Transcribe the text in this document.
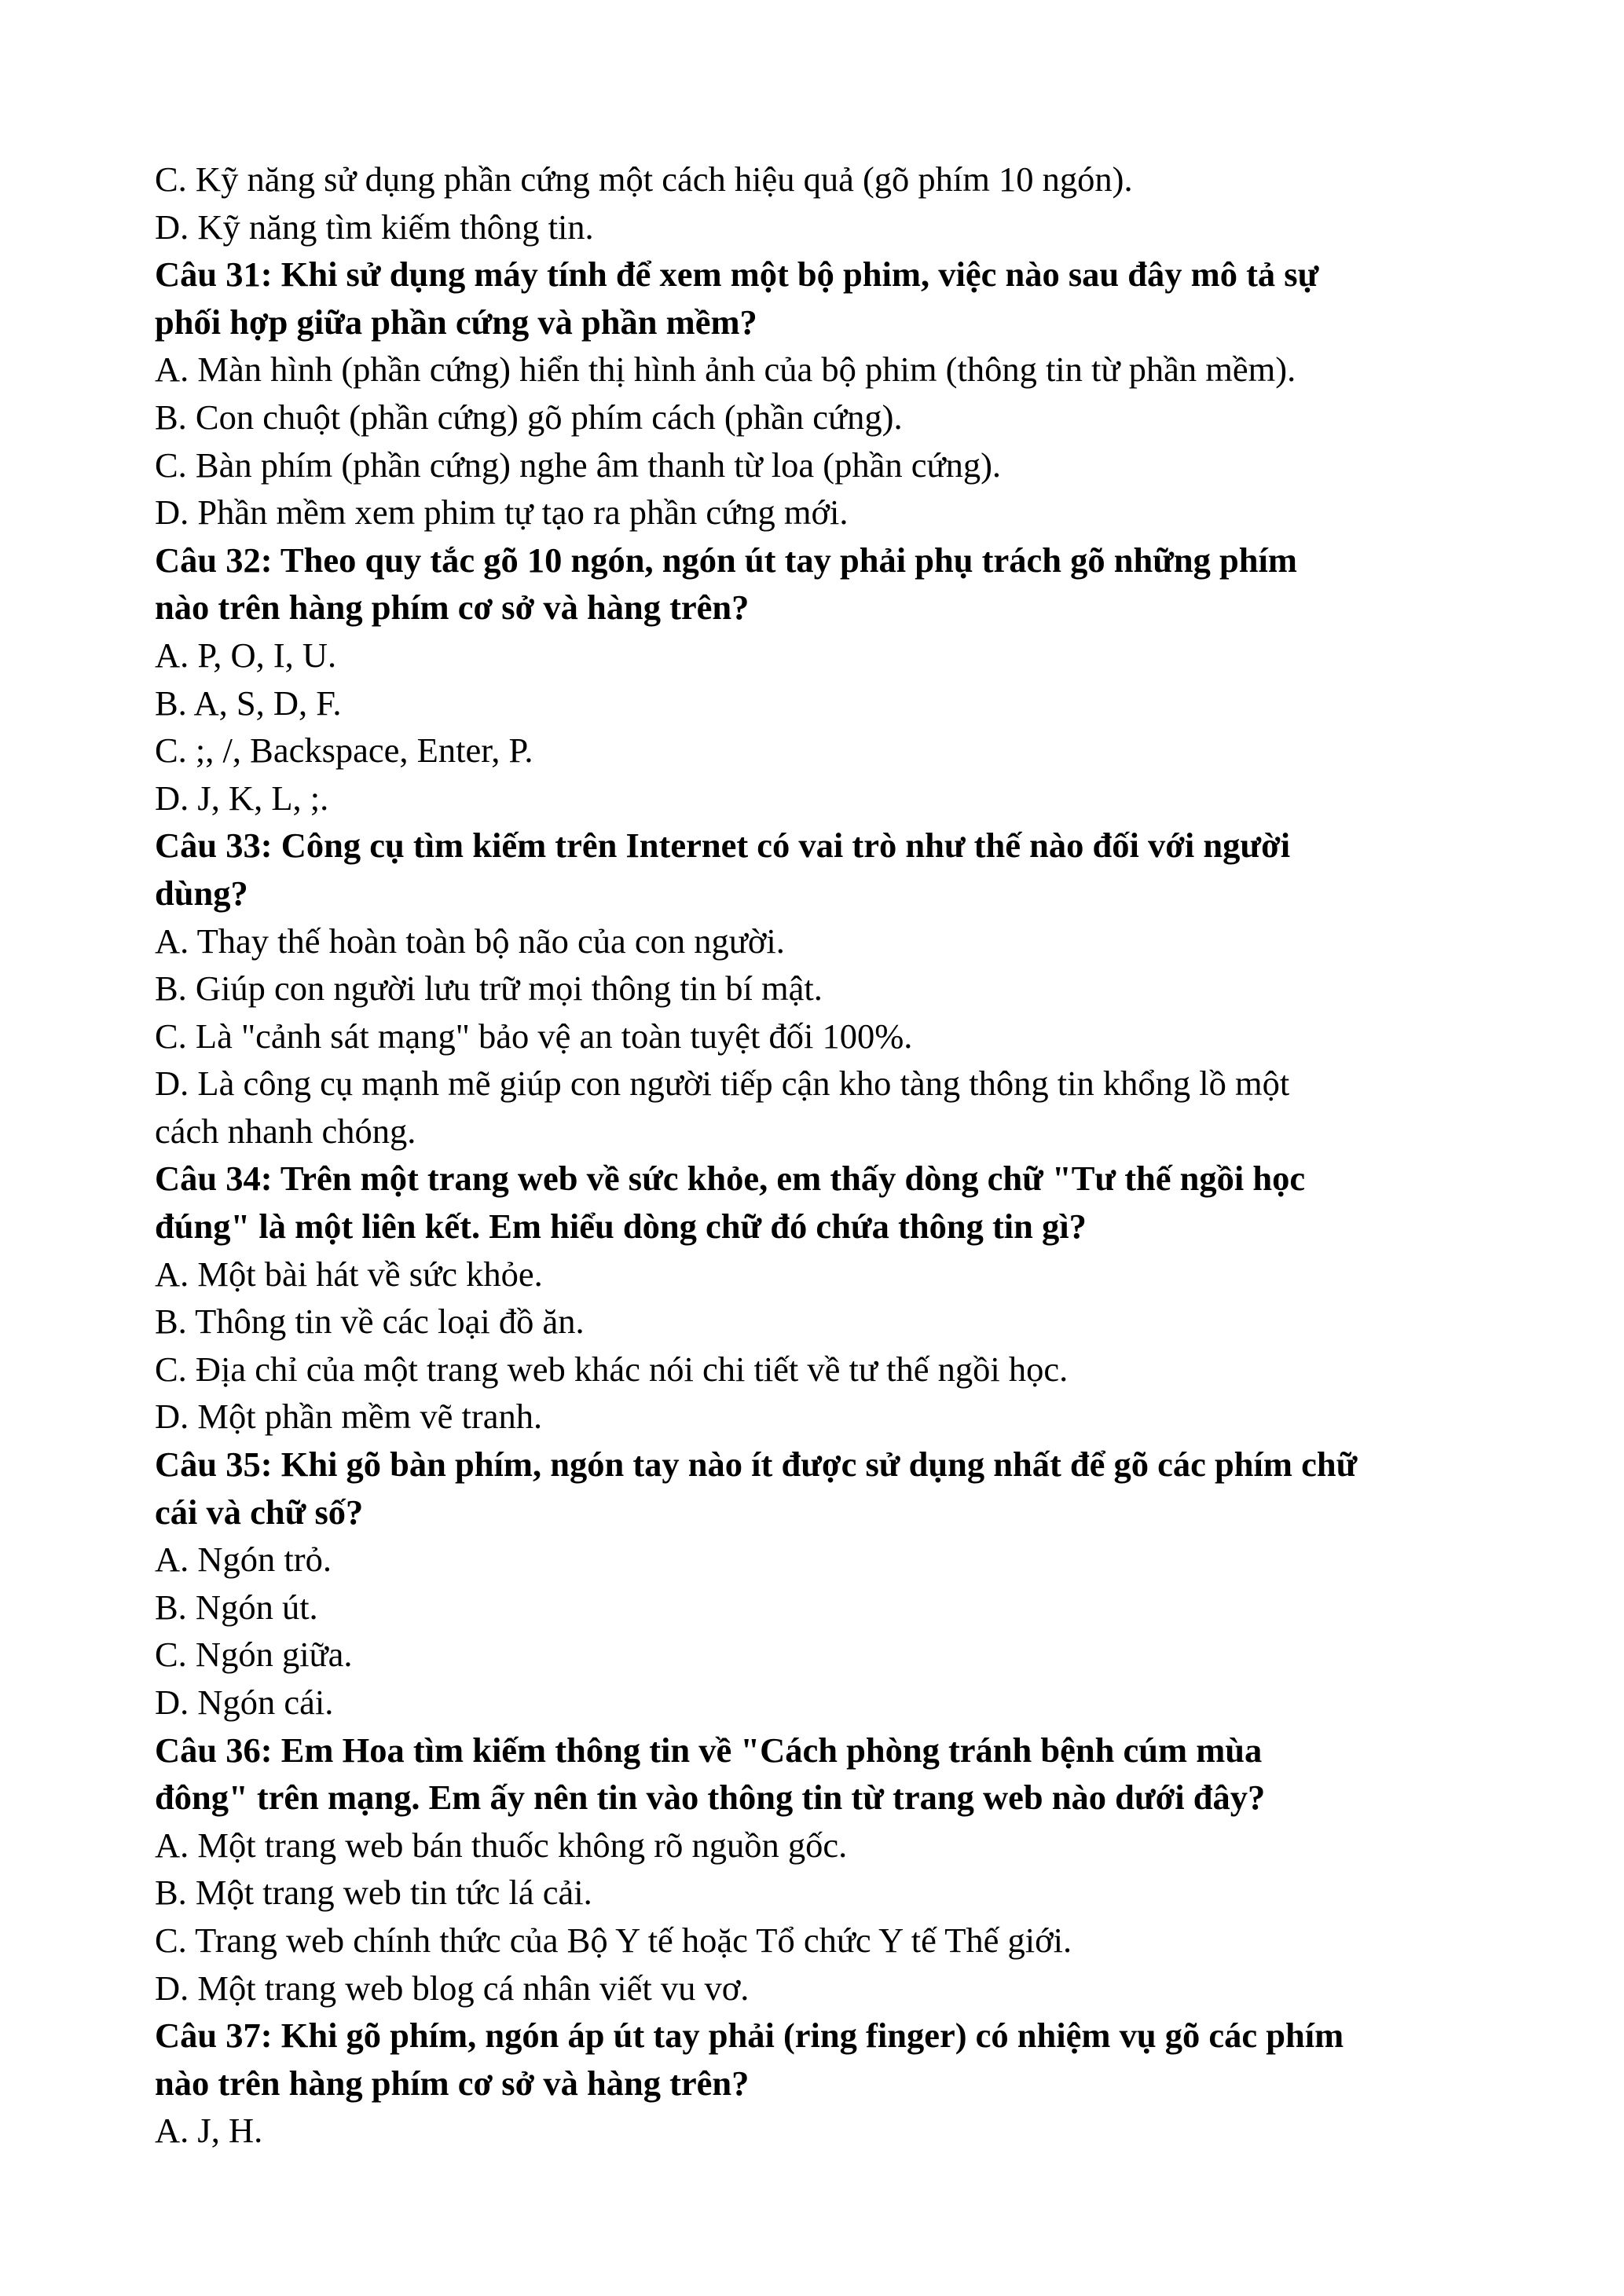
C. Kỹ năng sử dụng phần cứng một cách hiệu quả (gõ phím 10 ngón).
D. Kỹ năng tìm kiếm thông tin.
Câu 31: Khi sử dụng máy tính để xem một bộ phim, việc nào sau đây mô tả sự
phối hợp giữa phần cứng và phần mềm?
A. Màn hình (phần cứng) hiển thị hình ảnh của bộ phim (thông tin từ phần mềm).
B. Con chuột (phần cứng) gõ phím cách (phần cứng).
C. Bàn phím (phần cứng) nghe âm thanh từ loa (phần cứng).
D. Phần mềm xem phim tự tạo ra phần cứng mới.
Câu 32: Theo quy tắc gõ 10 ngón, ngón út tay phải phụ trách gõ những phím
nào trên hàng phím cơ sở và hàng trên?
A. P, O, I, U.
B. A, S, D, F.
C. ;, /, Backspace, Enter, P.
D. J, K, L, ;.
Câu 33: Công cụ tìm kiếm trên Internet có vai trò như thế nào đối với người
dùng?
A. Thay thế hoàn toàn bộ não của con người.
B. Giúp con người lưu trữ mọi thông tin bí mật.
C. Là "cảnh sát mạng" bảo vệ an toàn tuyệt đối 100%.
D. Là công cụ mạnh mẽ giúp con người tiếp cận kho tàng thông tin khổng lồ một
cách nhanh chóng.
Câu 34: Trên một trang web về sức khỏe, em thấy dòng chữ "Tư thế ngồi học
đúng" là một liên kết. Em hiểu dòng chữ đó chứa thông tin gì?
A. Một bài hát về sức khỏe.
B. Thông tin về các loại đồ ăn.
C. Địa chỉ của một trang web khác nói chi tiết về tư thế ngồi học.
D. Một phần mềm vẽ tranh.
Câu 35: Khi gõ bàn phím, ngón tay nào ít được sử dụng nhất để gõ các phím chữ
cái và chữ số?
A. Ngón trỏ.
B. Ngón út.
C. Ngón giữa.
D. Ngón cái.
Câu 36: Em Hoa tìm kiếm thông tin về "Cách phòng tránh bệnh cúm mùa
đông" trên mạng. Em ấy nên tin vào thông tin từ trang web nào dưới đây?
A. Một trang web bán thuốc không rõ nguồn gốc.
B. Một trang web tin tức lá cải.
C. Trang web chính thức của Bộ Y tế hoặc Tổ chức Y tế Thế giới.
D. Một trang web blog cá nhân viết vu vơ.
Câu 37: Khi gõ phím, ngón áp út tay phải (ring finger) có nhiệm vụ gõ các phím
nào trên hàng phím cơ sở và hàng trên?
A. J, H.
